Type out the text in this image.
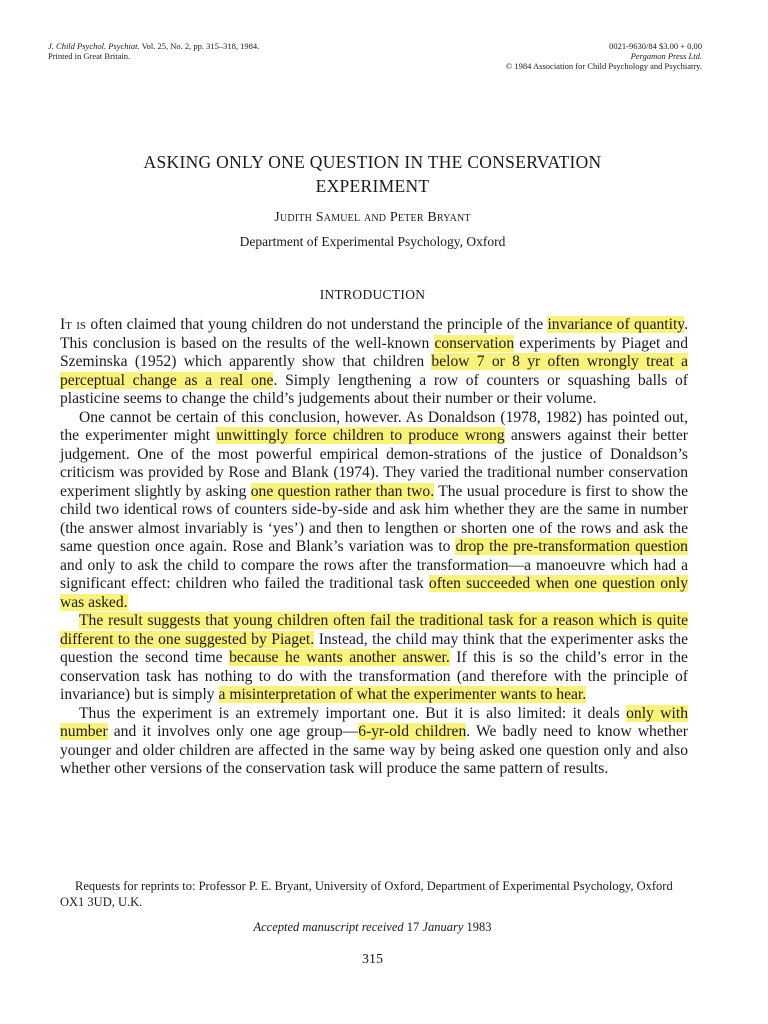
J. Child Psychol. Psychiat. Vol. 25, No. 2, pp. 315–318, 1984.
Printed in Great Britain.
0021-9630/84 $3.00 + 0.00
Pergamon Press Ltd.
© 1984 Association for Child Psychology and Psychiatry.
ASKING ONLY ONE QUESTION IN THE CONSERVATION
EXPERIMENT
Judith Samuel and Peter Bryant
Department of Experimental Psychology, Oxford
INTRODUCTION

It is often claimed that young children do not understand the principle of the invariance of quantity. This conclusion is based on the results of the well-known conservation experiments by Piaget and Szeminska (1952) which apparently show that children below 7 or 8 yr often wrongly treat a perceptual change as a real one. Simply lengthening a row of counters or squashing balls of plasticine seems to change the child’s judgements about their number or their volume.

One cannot be certain of this conclusion, however. As Donaldson (1978, 1982) has pointed out, the experimenter might unwittingly force children to produce wrong answers against their better judgement. One of the most powerful empirical demon-strations of the justice of Donaldson’s criticism was provided by Rose and Blank (1974). They varied the traditional number conservation experiment slightly by asking one question rather than two. The usual procedure is first to show the child two identical rows of counters side-by-side and ask him whether they are the same in number (the answer almost invariably is ‘yes’) and then to lengthen or shorten one of the rows and ask the same question once again. Rose and Blank’s variation was to drop the pre-transformation question and only to ask the child to compare the rows after the transformation—a manoeuvre which had a significant effect: children who failed the traditional task often succeeded when one question only was asked.

The result suggests that young children often fail the traditional task for a reason which is quite different to the one suggested by Piaget. Instead, the child may think that the experimenter asks the question the second time because he wants another answer. If this is so the child’s error in the conservation task has nothing to do with the transformation (and therefore with the principle of invariance) but is simply a misinterpretation of what the experimenter wants to hear.

Thus the experiment is an extremely important one. But it is also limited: it deals only with number and it involves only one age group—6-yr-old children. We badly need to know whether younger and older children are affected in the same way by being asked one question only and also whether other versions of the conservation task will produce the same pattern of results.

Requests for reprints to: Professor P. E. Bryant, University of Oxford, Department of Experimental Psychology, Oxford OX1 3UD, U.K.
Accepted manuscript received 17 January 1983
315
